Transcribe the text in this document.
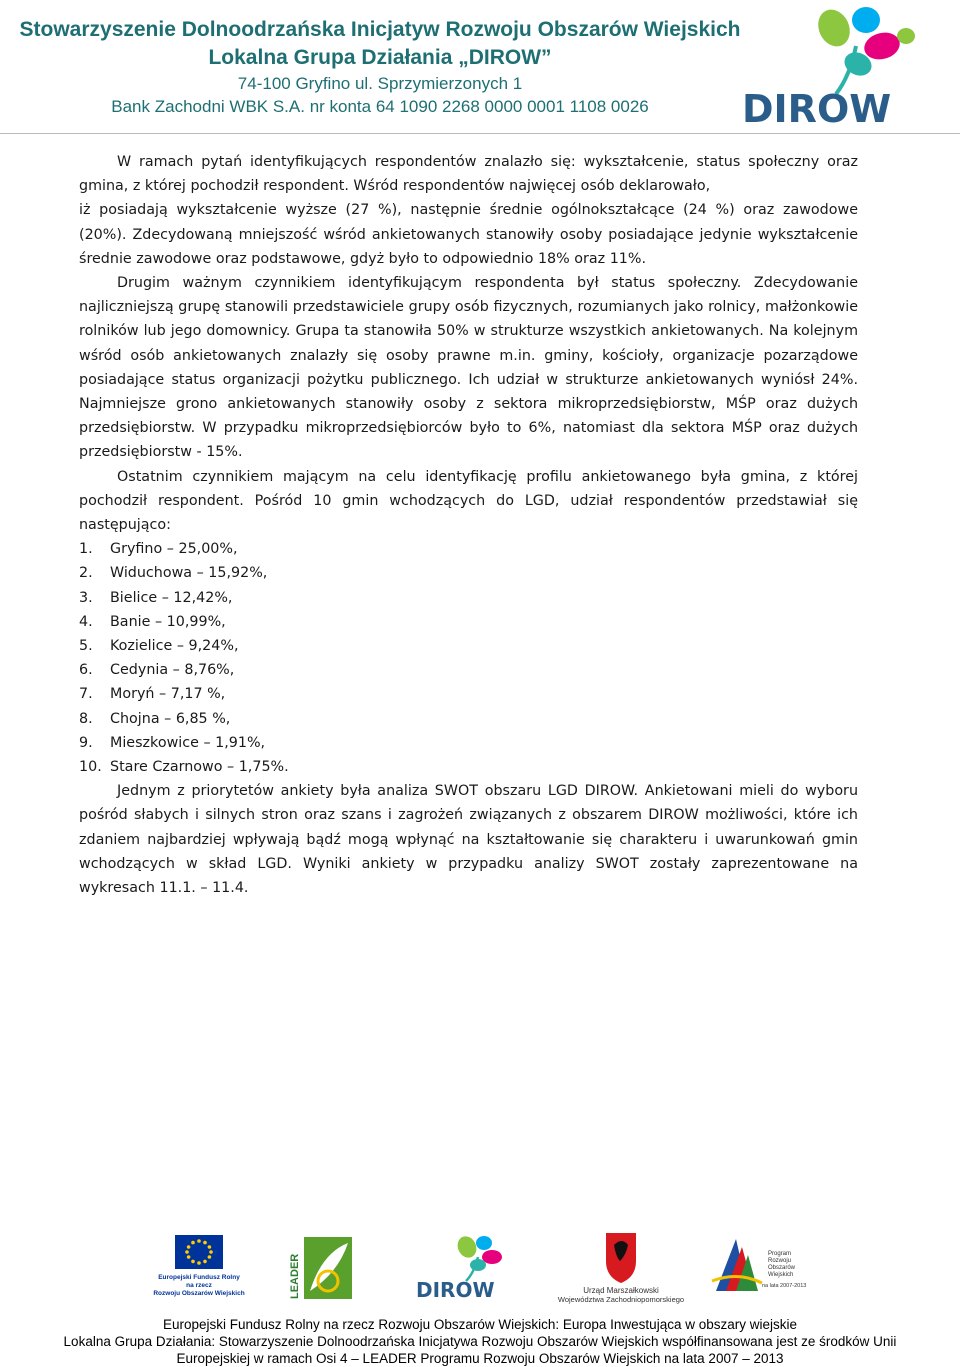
Stowarzyszenie Dolnoodrzańska Inicjatyw Rozwoju Obszarów Wiejskich
Lokalna Grupa Działania „DIROW”
74-100 Gryfino ul. Sprzymierzonych 1
Bank Zachodni WBK S.A. nr konta 64 1090 2268 0000 0001 1108 0026	DIROW

W ramach pytań identyfikujących respondentów znalazło się: wykształcenie, status społeczny oraz gmina, z której pochodził respondent. Wśród respondentów najwięcej osób deklarowało,

iż posiadają wykształcenie wyższe (27 %), następnie średnie ogólnokształcące (24 %) oraz zawodowe (20%). Zdecydowaną mniejszość wśród ankietowanych stanowiły osoby posiadające jedynie wykształcenie średnie zawodowe oraz podstawowe, gdyż było to odpowiednio 18% oraz 11%.

Drugim ważnym czynnikiem identyfikującym respondenta był status społeczny. Zdecydowanie najliczniejszą grupę stanowili przedstawiciele grupy osób fizycznych, rozumianych jako rolnicy, małżonkowie rolników lub jego domownicy. Grupa ta stanowiła 50% w strukturze wszystkich ankietowanych. Na kolejnym wśród osób ankietowanych znalazły się osoby prawne m.in. gminy, kościoły, organizacje pozarządowe posiadające status organizacji pożytku publicznego. Ich udział w strukturze ankietowanych wyniósł 24%. Najmniejsze grono ankietowanych stanowiły osoby z sektora mikroprzedsiębiorstw, MŚP oraz dużych przedsiębiorstw. W przypadku mikroprzedsiębiorców było to 6%, natomiast dla sektora MŚP oraz dużych przedsiębiorstw - 15%.

Ostatnim czynnikiem mającym na celu identyfikację profilu ankietowanego była gmina, z której pochodził respondent. Pośród 10 gmin wchodzących do LGD, udział respondentów przedstawiał się następująco:

1. Gryfino – 25,00%,
2. Widuchowa – 15,92%,
3. Bielice – 12,42%,
4. Banie – 10,99%,
5. Kozielice – 9,24%,
6. Cedynia – 8,76%,
7. Moryń – 7,17 %,
8. Chojna – 6,85 %,
9. Mieszkowice – 1,91%,
10. Stare Czarnowo – 1,75%.

Jednym z priorytetów ankiety była analiza SWOT obszaru LGD DIROW. Ankietowani mieli do wyboru pośród słabych i silnych stron oraz szans i zagrożeń związanych z obszarem DIROW możliwości, które ich zdaniem najbardziej wpływają bądź mogą wpłynąć na kształtowanie się charakteru i uwarunkowań gmin wchodzących w skład LGD. Wyniki ankiety w przypadku analizy SWOT zostały zaprezentowane na wykresach 11.1. – 11.4.

Europejski Fundusz Rolny
na rzecz
Rozwoju Obszarów Wiejskich	LEADER	DIROW	Urząd Marszałkowski
Województwa Zachodniopomorskiego
Program
Rozwoju
Obszarów
Wiejskich
na lata 2007-2013
Europejski Fundusz Rolny na rzecz Rozwoju Obszarów Wiejskich: Europa Inwestująca w obszary wiejskie
Lokalna Grupa Działania: Stowarzyszenie Dolnoodrzańska Inicjatywa Rozwoju Obszarów Wiejskich współfinansowana jest ze środków Unii
Europejskiej w ramach Osi 4 – LEADER Programu Rozwoju Obszarów Wiejskich na lata 2007 – 2013
